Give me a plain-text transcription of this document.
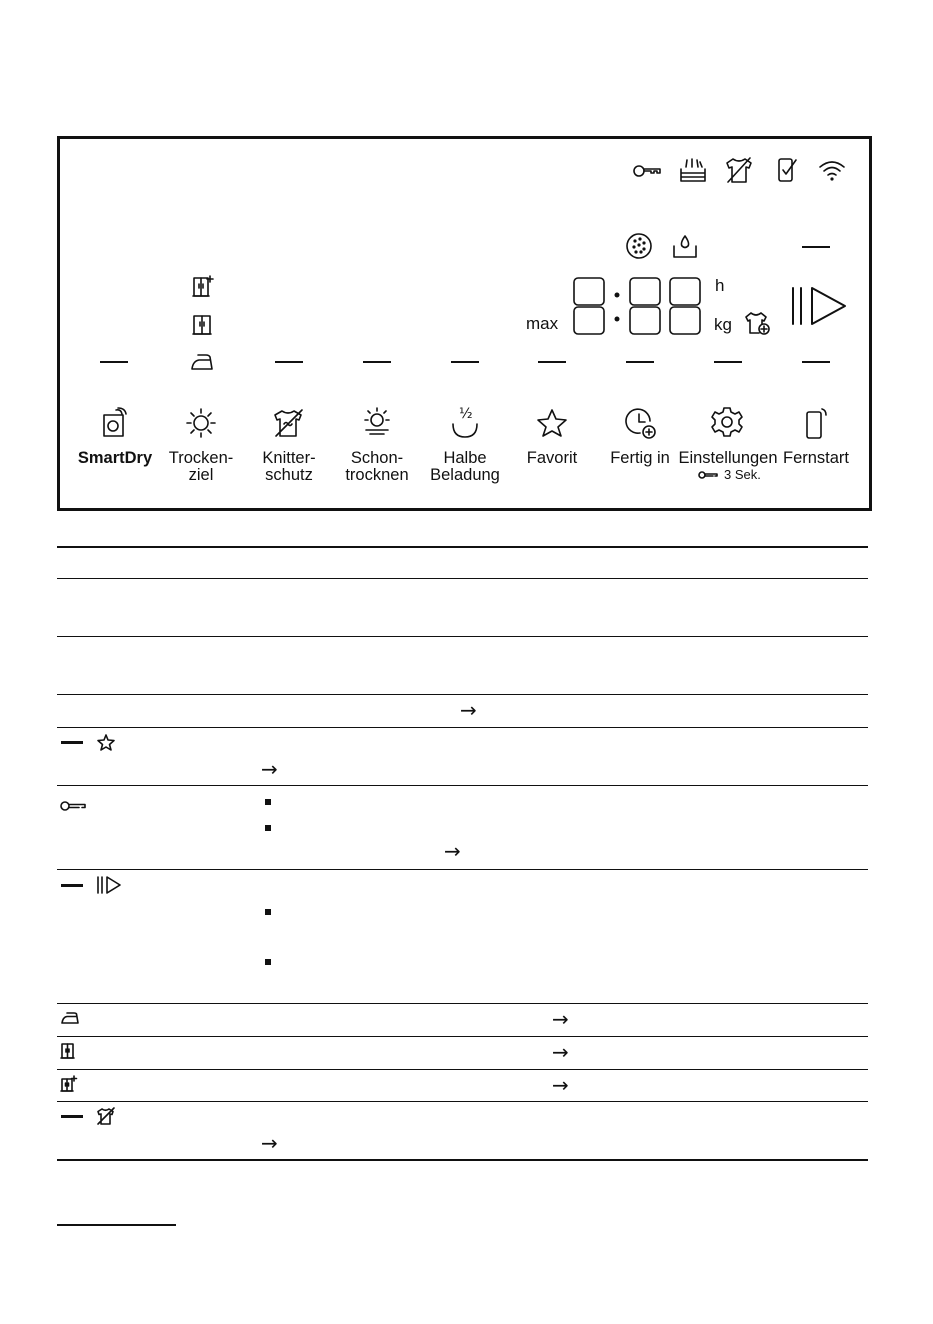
max
h
kg
½
SmartDry	Trocken-
ziel
Knitter-
schutz
Schon-
trocknen
Halbe
Beladung
Favorit	Fertig in Einstellungen Fernstart
3 Sek.
→
→
→
→
→
→
→
